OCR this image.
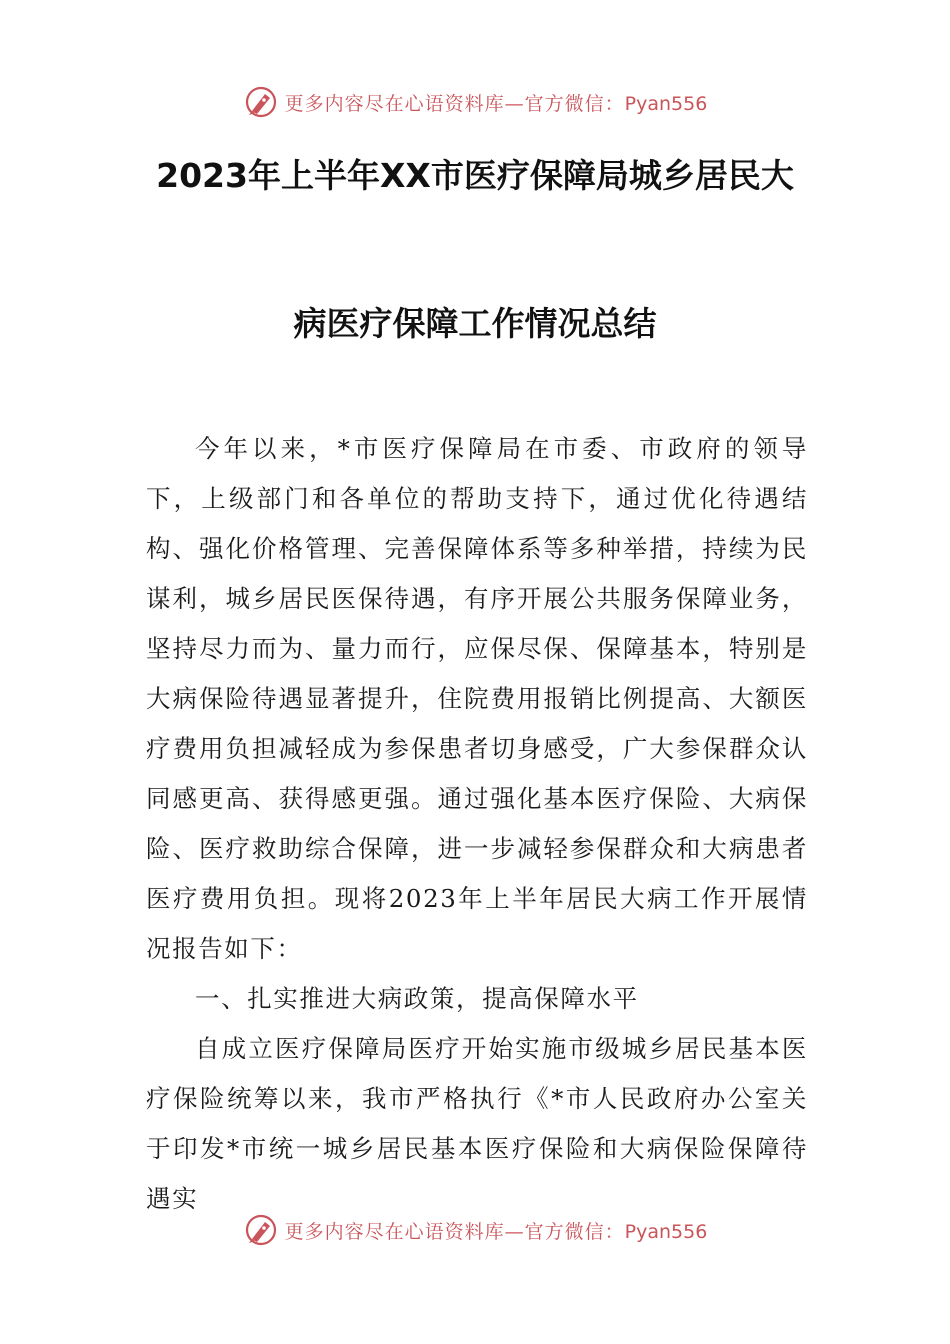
更多内容尽在心语资料库—官方微信：Pyan556
2023年上半年XX市医疗保障局城乡居民大
病医疗保障工作情况总结

今年以来，*市医疗保障局在市委、市政府的领导下，上级部门和各单位的帮助支持下，通过优化待遇结构、强化价格管理、完善保障体系等多种举措，持续为民谋利，城乡居民医保待遇，有序开展公共服务保障业务，坚持尽力而为、量力而行，应保尽保、保障基本，特别是大病保险待遇显著提升，住院费用报销比例提高、大额医疗费用负担减轻成为参保患者切身感受，广大参保群众认同感更高、获得感更强。通过强化基本医疗保险、大病保险、医疗救助综合保障，进一步减轻参保群众和大病患者医疗费用负担。现将2023年上半年居民大病工作开展情况报告如下：

一、扎实推进大病政策，提高保障水平

自成立医疗保障局医疗开始实施市级城乡居民基本医疗保险统筹以来，我市严格执行《*市人民政府办公室关于印发*市统一城乡居民基本医疗保险和大病保险保障待遇实

更多内容尽在心语资料库—官方微信：Pyan556
